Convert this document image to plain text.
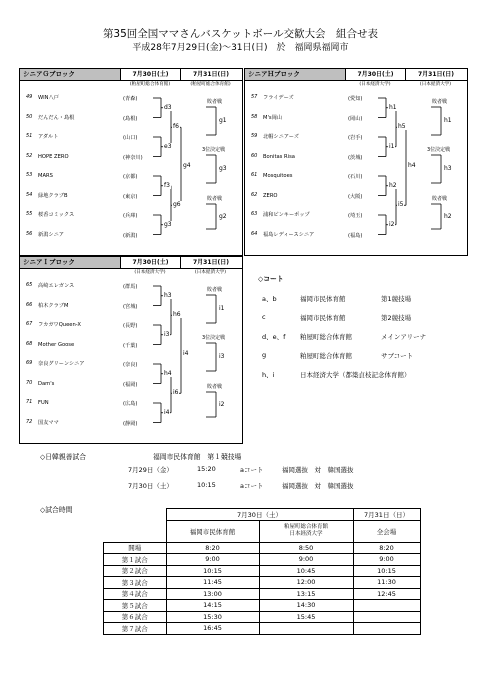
第35回全国ママさんバスケットボール交歓大会　組合せ表
平成28年7月29日(金)～31日(日)　於　福岡県福岡市
シニアＧブロック	7月30日(土)	7月31日(日)
(粕屋町総合体育館)	(粕屋町総合体育館)
49 WIN八戸	(青森)
50 だんだん・島根	(島根)
51 アダルト	(山口)
52 HOPE ZERO	(神奈川)
53 MARS	(京都)
54 緑地クラブB	(東京)
55 桜香コミックス	(兵庫)
56 新潟シニア	(新潟)
d3
e3
f3
g3
f6
g6
g4
g1
g3
g2
敗者戦
3位決定戦
敗者戦
シニアＨブロック	7月30日(土)	7月31日(日)
(日本経済大学)	(日本経済大学)
57 フライデーズ	(愛知)
58 M's岡山	(岡山)
59 北帽シニアーズ	(岩手)
60 Bonitas Risa	(茨城)
61 Mosquitoes	(石川)
62 ZERO	(大阪)
63 浦和ピンキーポップ	(埼玉)
64 福島レディースシニア	(福島)
h1
i1
h2
i2
h5
i5
h4
h1
h3
h2
敗者戦
3位決定戦
敗者戦
シニアＩブロック	7月30日(土)	7月31日(日)
(日本経済大学)	(日本経済大学)
65 高崎エレガンス	(群馬)
66 柏木クラブM	(宮城)
67 フカガワQueen-X	(長野)
68 Mother Goose	(千葉)
69 奈良グリーンシニア	(奈良)
70 Dam's	(福岡)
71 FUN	(広島)
72 国友ママ	(静岡)
h3
i3
h4
i4
h6
i6
i4
i1
i3
i2
敗者戦
3位決定戦
敗者戦
◇コート
a、b	福岡市民体育館	第1競技場
c	福岡市民体育館	第2競技場
d、e、f 粕屋町総合体育館	メインアリーナ
g	粕屋町総合体育館	サブコート
h、i	日本経済大学（都築貞枝記念体育館）
◇日韓親善試合	福岡市民体育館　第１競技場
7月29日（金）	15:20	aコート	福岡選抜　対　韓国選抜
7月30日（土）	10:15	aコート	福岡選抜　対　韓国選抜
◇試合時間
	7月30日（土）		7月31日（日）
	福岡市民体育館	粕屋町総合体育館
日本経済大学	全会場
開場	8:20	8:50	8:20
第１試合	9:00	9:00	9:00
第２試合	10:15	10:45	10:15
第３試合	11:45	12:00	11:30
第４試合	13:00	13:15	12:45
第５試合	14:15	14:30	
第６試合	15:30	15:45	
第７試合	16:45		
